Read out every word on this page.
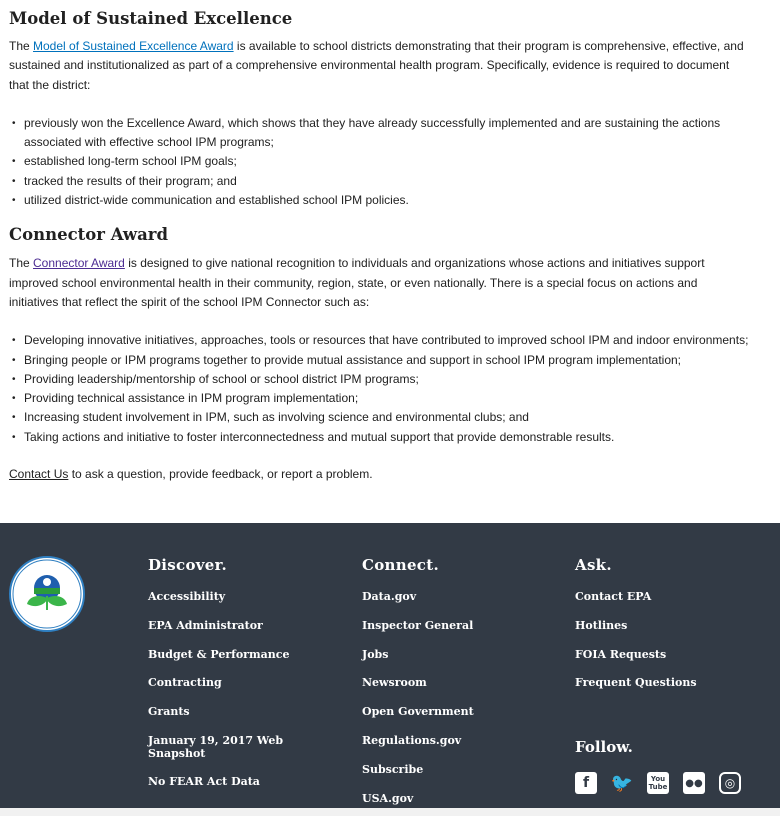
Model of Sustained Excellence

The Model of Sustained Excellence Award is available to school districts demonstrating that their program is comprehensive, effective, and sustained and institutionalized as part of a comprehensive environmental health program. Specifically, evidence is required to document that the district:

• previously won the Excellence Award, which shows that they have already successfully implemented and are sustaining the actions associated with effective school IPM programs;
• established long-term school IPM goals;
• tracked the results of their program; and
• utilized district-wide communication and established school IPM policies.
Connector Award

The Connector Award is designed to give national recognition to individuals and organizations whose actions and initiatives support improved school environmental health in their community, region, state, or even nationally. There is a special focus on actions and initiatives that reflect the spirit of the school IPM Connector such as:

• Developing innovative initiatives, approaches, tools or resources that have contributed to improved school IPM and indoor environments;
• Bringing people or IPM programs together to provide mutual assistance and support in school IPM program implementation;
• Providing leadership/mentorship of school or school district IPM programs;
• Providing technical assistance in IPM program implementation;
• Increasing student involvement in IPM, such as involving science and environmental clubs; and
• Taking actions and initiative to foster interconnectedness and mutual support that provide demonstrable results.

Contact Us to ask a question, provide feedback, or report a problem.

Discover.
Accessibility
EPA Administrator
Budget & Performance
Contracting
Grants
January 19, 2017 Web Snapshot
No FEAR Act Data
Connect.
Data.gov
Inspector General
Jobs
Newsroom
Open Government
Regulations.gov
Subscribe
USA.gov
Ask.
Contact EPA
Hotlines
FOIA Requests
Frequent Questions
Follow.
f	🐦	You
Tube ●●	◎
